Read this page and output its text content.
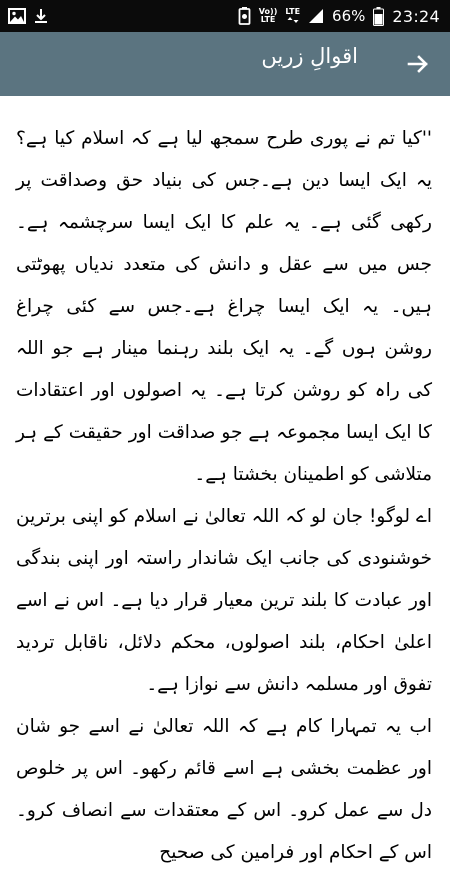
Vo))
LTE
LTE 66% 23:24
اقوالِ زریں

''کیا تم نے پوری طرح سمجھ لیا ہے کہ اسلام کیا ہے؟ یہ ایک ایسا دین ہے۔جس کی بنیاد حق وصداقت پر رکھی گئی ہے۔ یہ علم کا ایک ایسا سرچشمہ ہے۔جس میں سے عقل و دانش کی متعدد ندیاں پھوٹتی ہیں۔ یہ ایک ایسا چراغ ہے۔جس سے کئی چراغ روشن ہوں گے۔ یہ ایک بلند رہنما مینار ہے جو اللہ کی راہ کو روشن کرتا ہے۔ یہ اصولوں اور اعتقادات کا ایک ایسا مجموعہ ہے جو صداقت اور حقیقت کے ہر متلاشی کو اطمینان بخشتا ہے۔

اے لوگو! جان لو کہ اللہ تعالیٰ نے اسلام کو اپنی برترین خوشنودی کی جانب ایک شاندار راستہ اور اپنی بندگی اور عبادت کا بلند ترین معیار قرار دیا ہے۔ اس نے اسے اعلیٰ احکام، بلند اصولوں، محکم دلائل، ناقابل تردید تفوق اور مسلمہ دانش سے نوازا ہے۔

اب یہ تمہارا کام ہے کہ اللہ تعالیٰ نے اسے جو شان اور عظمت بخشی ہے اسے قائم رکھو۔ اس پر خلوص دل سے عمل کرو۔ اس کے معتقدات سے انصاف کرو۔ اس کے احکام اور فرامین کی صحیح
